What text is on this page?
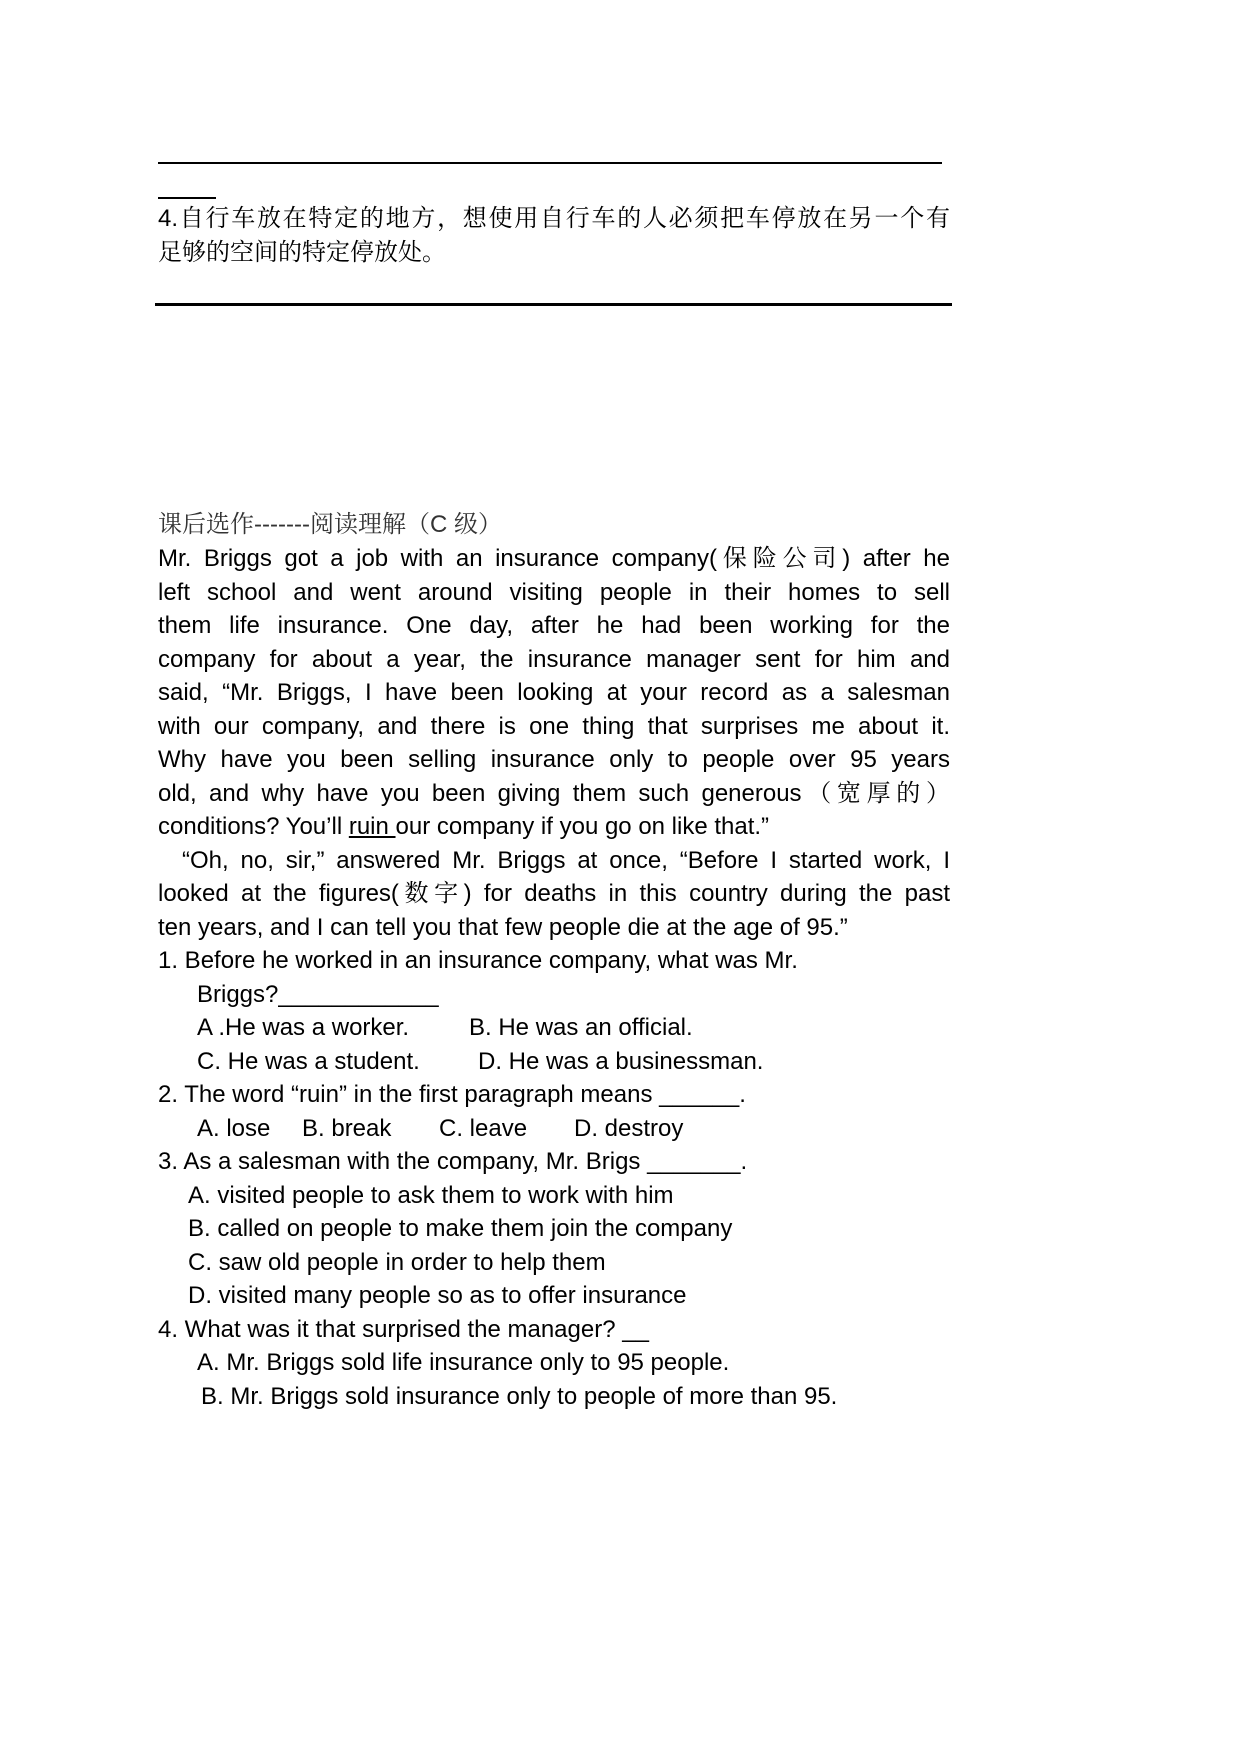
4.自行车放在特定的地方，想使用自行车的人必须把车停放在另一个有
足够的空间的特定停放处。
课后选作-------阅读理解（C 级）
Mr. Briggs got a job with an insurance company(保险公司) after he
left school and went around visiting people in their homes to sell
them life insurance. One day, after he had been working for the
company for about a year, the insurance manager sent for him and
said, “Mr. Briggs, I have been looking at your record as a salesman
with our company, and there is one thing that surprises me about it.
Why have you been selling insurance only to people over 95 years
old, and why have you been giving them such generous（宽厚的）
conditions? You’ll ruin our company if you go on like that.”
“Oh, no, sir,” answered Mr. Briggs at once, “Before I started work, I
looked at the figures(数字) for deaths in this country during the past
ten years, and I can tell you that few people die at the age of 95.”
1. Before he worked in an insurance company, what was Mr.
Briggs?____________
A .He was a worker.	B. He was an official.
C. He was a student.	D. He was a businessman.
2. The word “ruin” in the first paragraph means ______.
A. lose	B. break	C. leave	D. destroy
3. As a salesman with the company, Mr. Brigs _______.
A. visited people to ask them to work with him
B. called on people to make them join the company
C. saw old people in order to help them
D. visited many people so as to offer insurance
4. What was it that surprised the manager? __
A. Mr. Briggs sold life insurance only to 95 people.
B. Mr. Briggs sold insurance only to people of more than 95.
